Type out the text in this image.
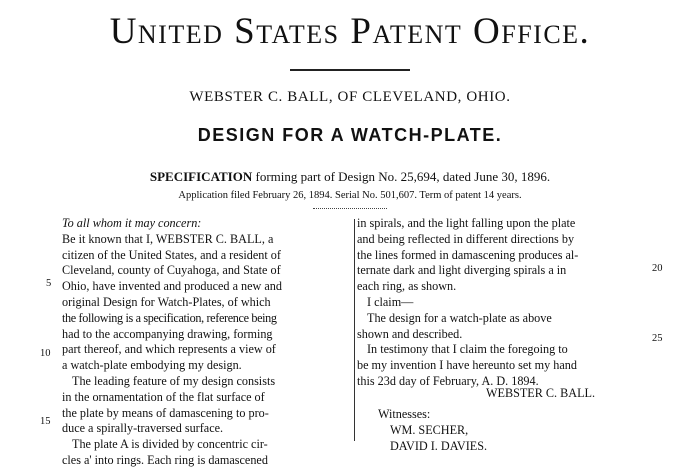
United States Patent Office.
WEBSTER C. BALL, OF CLEVELAND, OHIO.
DESIGN FOR A WATCH-PLATE.
SPECIFICATION forming part of Design No. 25,694, dated June 30, 1896.
Application filed February 26, 1894. Serial No. 501,607. Term of patent 14 years.
To all whom it may concern:
Be it known that I, WEBSTER C. BALL, a
citizen of the United States, and a resident of
Cleveland, county of Cuyahoga, and State of
Ohio, have invented and produced a new and
original Design for Watch-Plates, of which
the following is a specification, reference being
had to the accompanying drawing, forming
part thereof, and which represents a view of
a watch-plate embodying my design.
The leading feature of my design consists
in the ornamentation of the flat surface of
the plate by means of damascening to pro-
duce a spirally-traversed surface.
The plate A is divided by concentric cir-
cles a' into rings. Each ring is damascened
in spirals, and the light falling upon the plate
and being reflected in different directions by
the lines formed in damascening produces al-
ternate dark and light diverging spirals a in
each ring, as shown.
I claim—
The design for a watch-plate as above
shown and described.
In testimony that I claim the foregoing to
be my invention I have hereunto set my hand
this 23d day of February, A. D. 1894.
WEBSTER C. BALL.
Witnesses:
WM. SECHER,
DAVID I. DAVIES.
5
10
15
20
25
